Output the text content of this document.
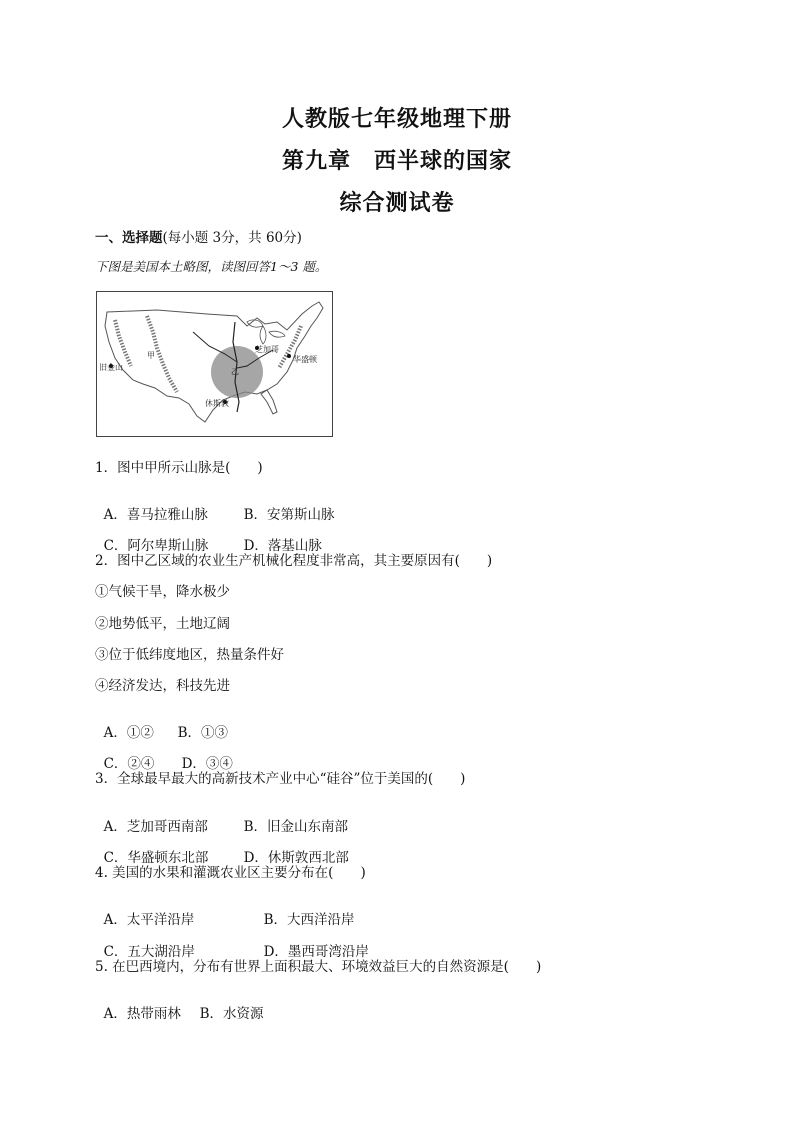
人教版七年级地理下册
第九章　西半球的国家
综合测试卷
一、选择题(每小题 3分，共 60分)
下图是美国本土略图，读图回答1～3 题。
芝加哥
华盛顿
旧金山
休斯敦
甲
乙
1．图中甲所示山脉是(　　)

A．喜马拉雅山脉	B．安第斯山脉

C．阿尔卑斯山脉	D．落基山脉

2．图中乙区域的农业生产机械化程度非常高，其主要原因有(　　)
①气候干旱，降水极少
②地势低平，土地辽阔
③位于低纬度地区，热量条件好
④经济发达，科技先进

A．①② B．①③

C．②④ D．③④

3．全球最早最大的高新技术产业中心“硅谷”位于美国的(　　)

A．芝加哥西南部	B．旧金山东南部

C．华盛顿东北部	D．休斯敦西北部

4. 美国的水果和灌溉农业区主要分布在(　　)

A．太平洋沿岸	B．大西洋沿岸

C．五大湖沿岸	D．墨西哥湾沿岸

5. 在巴西境内，分布有世界上面积最大、环境效益巨大的自然资源是(　　)

A．热带雨林 B．水资源
